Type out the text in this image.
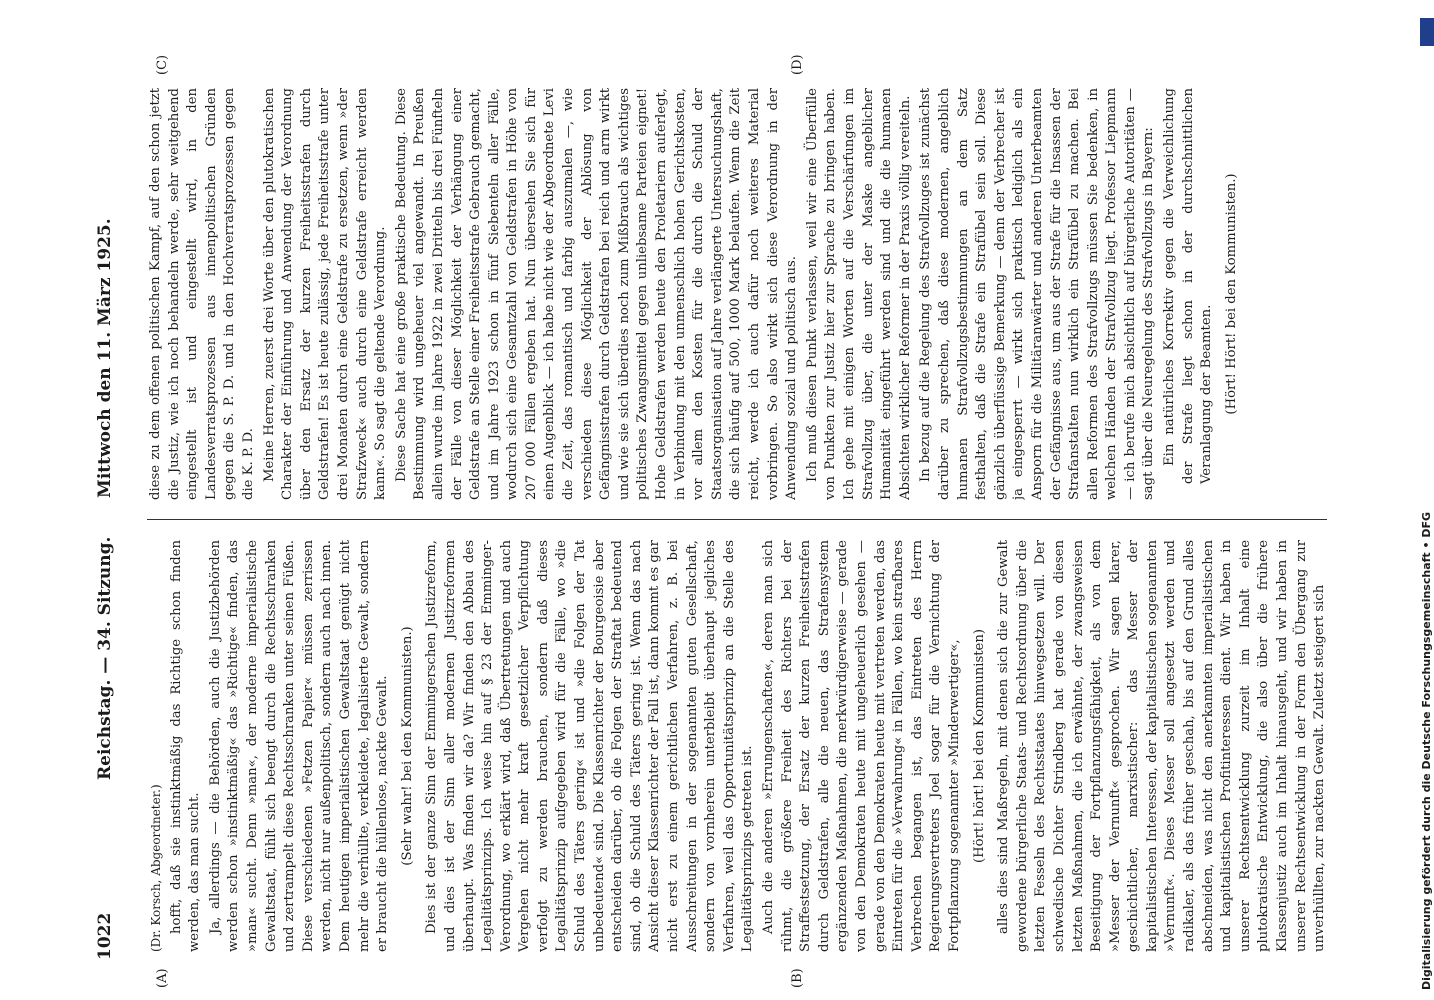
1022
Reichstag. — 34. Sitzung.
Mittwoch den 11. März 1925.
(A)	(B)
(C)	(D)

(Dr. Korsch, Abgeordneter.) hofft, daß sie instinktmäßig das Richtige schon finden werden, das man sucht. Ja, allerdings — die Behörden, auch die Justizbehörden werden schon »instinktmäßig« das »Richtige« finden, das »man« sucht. Denn »man«, der moderne imperialistische Gewaltstaat, fühlt sich beengt durch die Rechtsschranken und zertrampelt diese Rechtsschranken unter seinen Füßen. Diese verschiedenen »Fetzen Papier« müssen zerrissen werden, nicht nur außenpolitisch, sondern auch nach innen. Dem heutigen imperialistischen Gewaltstaat genügt nicht mehr die verhüllte, verkleidete, legalisierte Gewalt, sondern er braucht die hüllenlose, nackte Gewalt. (Sehr wahr! bei den Kommunisten.) Dies ist der ganze Sinn der Emmingerschen Justizreform, und dies ist der Sinn aller modernen Justizreformen überhaupt. Was finden wir da? Wir finden den Abbau des Legalitätsprinzips. Ich weise hin auf § 23 der Emminger-Verordnung, wo erklärt wird, daß Übertretungen und auch Vergehen nicht mehr kraft gesetzlicher Verpflichtung verfolgt zu werden brauchen, sondern daß dieses Legalitätsprinzip aufgegeben wird für die Fälle, wo »die Schuld des Täters gering« ist und »die Folgen der Tat unbedeutend« sind. Die Klassenrichter der Bourgeoisie aber entscheiden darüber, ob die Folgen der Straftat bedeutend sind, ob die Schuld des Täters gering ist. Wenn das nach Ansicht dieser Klassenrichter der Fall ist, dann kommt es gar nicht erst zu einem gerichtlichen Verfahren, z. B. bei Ausschreitungen in der sogenannten guten Gesellschaft, sondern von vornherein unterbleibt überhaupt jegliches Verfahren, weil das Opportunitätsprinzip an die Stelle des Legalitätsprinzips getreten ist. Auch die anderen »Errungenschaften«, deren man sich rühmt, die größere Freiheit des Richters bei der Straffestsetzung, der Ersatz der kurzen Freiheitsstrafen durch Geldstrafen, alle die neuen, das Strafensystem ergänzenden Maßnahmen, die merkwürdigerweise — gerade von den Demokraten heute mit ungeheuerlich gesehen — gerade von den Demokraten heute mit vertreten werden, das Eintreten für die »Verwahrung« in Fällen, wo kein strafbares Verbrechen begangen ist, das Eintreten des Herrn Regierungsvertreters Joel sogar für die Vernichtung der Fortpflanzung sogenannter »Minderwertiger«, (Hört! hört! bei den Kommunisten) alles dies sind Maßregeln, mit denen sich die zur Gewalt gewordene bürgerliche Staats- und Rechtsordnung über die letzten Fesseln des Rechtsstaates hinwegsetzen will. Der schwedische Dichter Strindberg hat gerade von diesen letzten Maßnahmen, die ich erwähnte, der zwangsweisen Beseitigung der Fortpflanzungsfähigkeit, als von dem »Messer der Vernunft« gesprochen. Wir sagen klarer, geschichtlicher, marxistischer: das Messer der kapitalistischen Interessen, der kapitalistischen sogenannten »Vernunft«. Dieses Messer soll angesetzt werden und radikaler, als das früher geschah, bis auf den Grund alles abschneiden, was nicht den anerkannten imperialistischen und kapitalistischen Profitinteressen dient. Wir haben in unserer Rechtsentwicklung zurzeit im Inhalt eine plutokratische Entwicklung, die also über die frühere Klassenjustiz auch im Inhalt hinausgeht, und wir haben in unserer Rechtsentwicklung in der Form den Übergang zur unverhüllten, zur nackten Gewalt. Zuletzt steigert sich

diese zu dem offenen politischen Kampf, auf den schon jetzt die Justiz, wie ich noch behandeln werde, sehr weitgehend eingestellt ist und eingestellt wird, in den Landesverratsprozessen aus innenpolitischen Gründen gegen die S. P. D. und in den Hochverratsprozessen gegen die K. P. D. Meine Herren, zuerst drei Worte über den plutokratischen Charakter der Einführung und Anwendung der Verordnung über den Ersatz der kurzen Freiheitsstrafen durch Geldstrafen! Es ist heute zulässig, jede Freiheitsstrafe unter drei Monaten durch eine Geldstrafe zu ersetzen, wenn »der Strafzweck« auch durch eine Geldstrafe erreicht werden kann«. So sagt die geltende Verordnung. Diese Sache hat eine große praktische Bedeutung. Diese Bestimmung wird ungeheuer viel angewandt. In Preußen allein wurde im Jahre 1922 in zwei Dritteln bis drei Fünfteln der Fälle von dieser Möglichkeit der Verhängung einer Geldstrafe an Stelle einer Freiheitsstrafe Gebrauch gemacht, und im Jahre 1923 schon in fünf Siebenteln aller Fälle, wodurch sich eine Gesamtzahl von Geldstrafen in Höhe von 207 000 Fällen ergeben hat. Nun übersehen Sie sich für einen Augenblick — ich habe nicht wie der Abgeordnete Levi die Zeit, das romantisch und farbig auszumalen —, wie verschieden diese Möglichkeit der Ablösung von Gefängnisstrafen durch Geldstrafen bei reich und arm wirkt und wie sie sich überdies noch zum Mißbrauch als wichtiges politisches Zwangsmittel gegen unliebsame Parteien eignet! Hohe Geldstrafen werden heute den Proletariern auferlegt, in Verbindung mit den unmenschlich hohen Gerichtskosten, vor allem den Kosten für die durch die Schuld der Staatsorganisation auf Jahre verlängerte Untersuchungshaft, die sich häufig auf 500, 1000 Mark belaufen. Wenn die Zeit reicht, werde ich auch dafür noch weiteres Material vorbringen. So also wirkt sich diese Verordnung in der Anwendung sozial und politisch aus. Ich muß diesen Punkt verlassen, weil wir eine Überfülle von Punkten zur Justiz hier zur Sprache zu bringen haben. Ich gehe mit einigen Worten auf die Verschärfungen im Strafvollzug über, die unter der Maske angeblicher Humanität eingeführt werden sind und die die humanen Absichten wirklicher Reformer in der Praxis völlig vereiteln. In bezug auf die Regelung des Strafvollzuges ist zunächst darüber zu sprechen, daß diese modernen, angeblich humanen Strafvollzugsbestimmungen an dem Satz festhalten, daß die Strafe ein Strafübel sein soll. Diese gänzlich überflüssige Bemerkung — denn der Verbrecher ist ja eingesperrt — wirkt sich praktisch lediglich als ein Ansporn für die Militäranwärter und anderen Unterbeamten der Gefängnisse aus, um aus der Strafe für die Insassen der Strafanstalten nun wirklich ein Strafübel zu machen. Bei allen Reformen des Strafvollzugs müssen Sie bedenken, in welchen Händen der Strafvollzug liegt. Professor Liepmann — ich berufe mich absichtlich auf bürgerliche Autoritäten — sagt über die Neuregelung des Strafvollzugs in Bayern: Ein natürliches Korrektiv gegen die Verweichlichung der Strafe liegt schon in der durchschnittlichen Veranlagung der Beamten. (Hört! Hört! bei den Kommunisten.)

Digitalisierung gefördert durch die Deutsche Forschungsgemeinschaft • DFG
